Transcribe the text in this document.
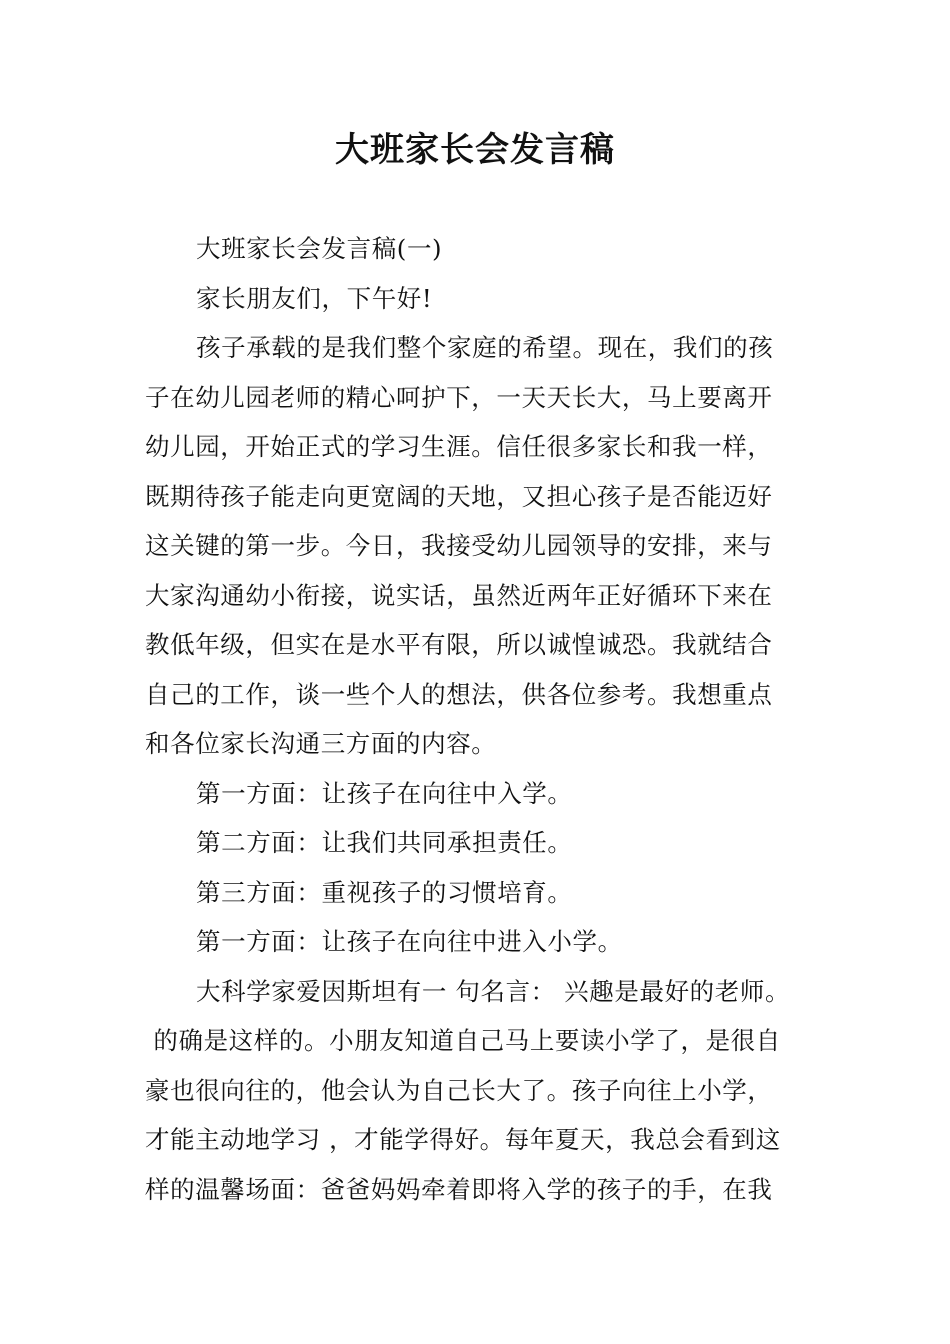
大班家长会发言稿

大班家长会发言稿(一)

家长朋友们，下午好!

孩子承载的是我们整个家庭的希望。现在，我们的孩
子在幼儿园老师的精心呵护下，一天天长大，马上要离开
幼儿园，开始正式的学习生涯。信任很多家长和我一样，
既期待孩子能走向更宽阔的天地，又担心孩子是否能迈好
这关键的第一步。今日，我接受幼儿园领导的安排，来与
大家沟通幼小衔接，说实话，虽然近两年正好循环下来在
教低年级，但实在是水平有限，所以诚惶诚恐。我就结合
自己的工作，谈一些个人的想法，供各位参考。我想重点
和各位家长沟通三方面的内容。

第一方面：让孩子在向往中入学。

第二方面：让我们共同承担责任。

第三方面：重视孩子的习惯培育。

第一方面：让孩子在向往中进入小学。

大科学家爱因斯坦有一 句名言： 兴趣是最好的老师。
的确是这样的。小朋友知道自己马上要读小学了，是很自
豪也很向往的，他会认为自己长大了。孩子向往上小学，
才能主动地学习 ，才能学得好。每年夏天，我总会看到这
样的温馨场面：爸爸妈妈牵着即将入学的孩子的手，在我
